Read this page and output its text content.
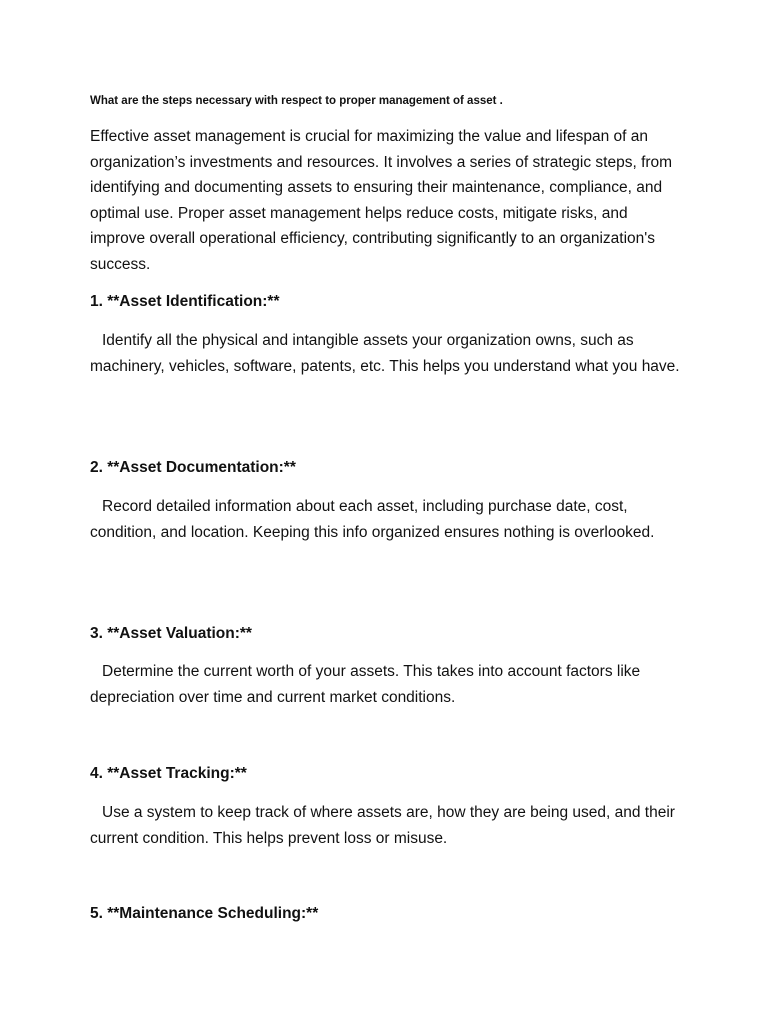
What are the steps necessary with respect to proper management of asset .

Effective asset management is crucial for maximizing the value and lifespan of an organization’s investments and resources. It involves a series of strategic steps, from identifying and documenting assets to ensuring their maintenance, compliance, and optimal use. Proper asset management helps reduce costs, mitigate risks, and improve overall operational efficiency, contributing significantly to an organization's success.

1. **Asset Identification:**

Identify all the physical and intangible assets your organization owns, such as machinery, vehicles, software, patents, etc. This helps you understand what you have.

2. **Asset Documentation:**

Record detailed information about each asset, including purchase date, cost, condition, and location. Keeping this info organized ensures nothing is overlooked.

3. **Asset Valuation:**

Determine the current worth of your assets. This takes into account factors like depreciation over time and current market conditions.

4. **Asset Tracking:**

Use a system to keep track of where assets are, how they are being used, and their current condition. This helps prevent loss or misuse.

5. **Maintenance Scheduling:**
